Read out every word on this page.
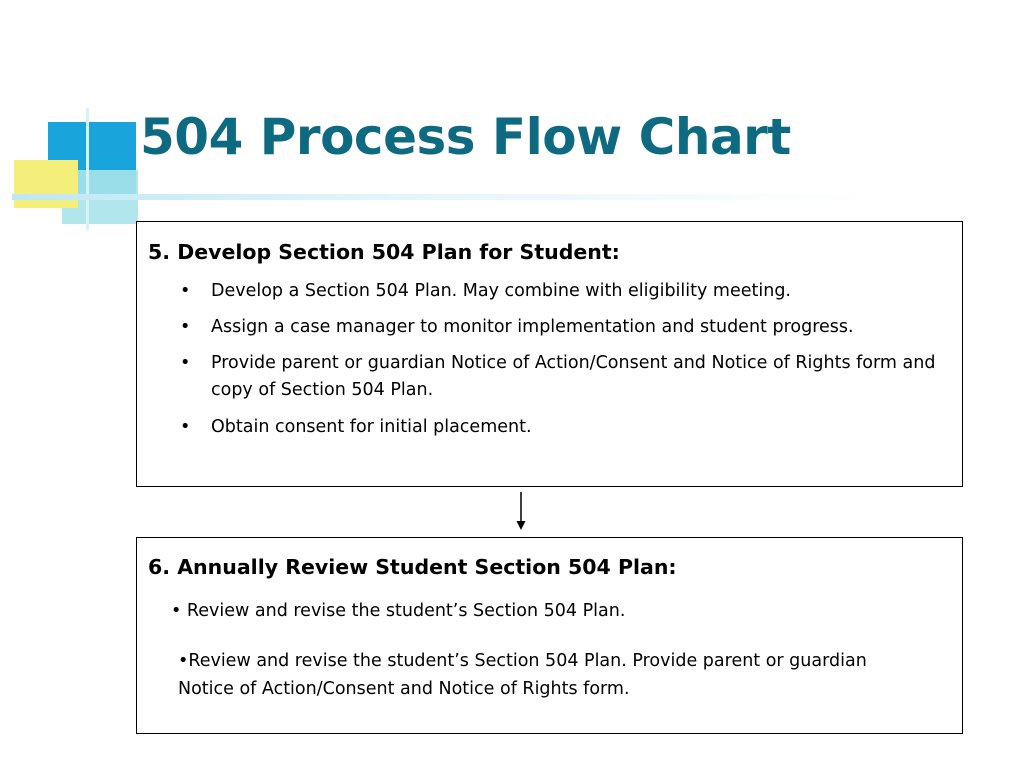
504 Process Flow Chart
5. Develop Section 504 Plan for Student:
• Develop a Section 504 Plan. May combine with eligibility meeting.
• Assign a case manager to monitor implementation and student progress.
• Provide parent or guardian Notice of Action/Consent and Notice of Rights form and copy of Section 504 Plan.
• Obtain consent for initial placement.
6. Annually Review Student Section 504 Plan:

• Review and revise the student’s Section 504 Plan.

•Review and revise the student’s Section 504 Plan. Provide parent or guardian Notice of Action/Consent and Notice of Rights form.
